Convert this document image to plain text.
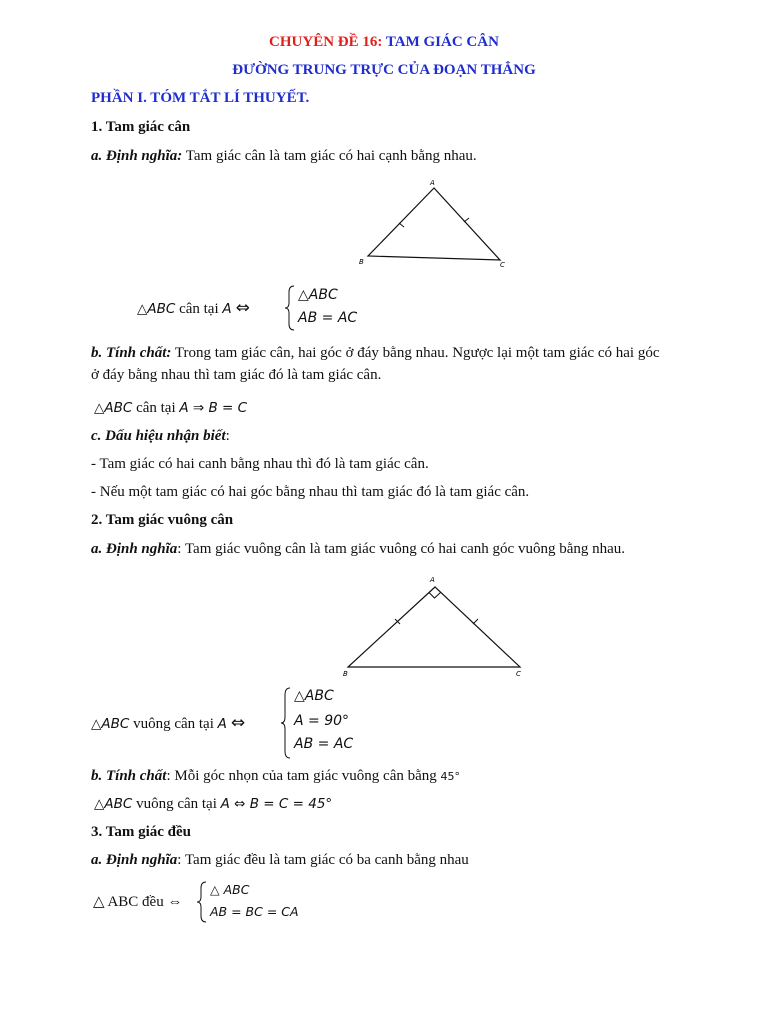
CHUYÊN ĐỀ 16: TAM GIÁC CÂN
ĐƯỜNG TRUNG TRỰC CỦA ĐOẠN THẲNG
PHẦN I. TÓM TẮT LÍ THUYẾT.
1. Tam giác cân
a. Định nghĩa: Tam giác cân là tam giác có hai cạnh bằng nhau.
A
B	C
△ABC cân tại A ⇔
△ABC
AB = AC
b. Tính chất: Trong tam giác cân, hai góc ở đáy bằng nhau. Ngược lại một tam giác có hai góc
ở đáy bằng nhau thì tam giác đó là tam giác cân.
△ABC cân tại A ⇒ B = C
c. Dấu hiệu nhận biết:
- Tam giác có hai canh bằng nhau thì đó là tam giác cân.
- Nếu một tam giác có hai góc bằng nhau thì tam giác đó là tam giác cân.
2. Tam giác vuông cân
a. Định nghĩa: Tam giác vuông cân là tam giác vuông có hai canh góc vuông bằng nhau.
A
B	C
△ABC vuông cân tại A ⇔
△ABC
A = 90°
AB = AC
b. Tính chất: Mỗi góc nhọn của tam giác vuông cân bằng 45°
△ABC vuông cân tại A ⇔ B = C = 45°
3. Tam giác đều
a. Định nghĩa: Tam giác đều là tam giác có ba canh bằng nhau
△ ABC đều ⇔
△ ABC
AB = BC = CA
